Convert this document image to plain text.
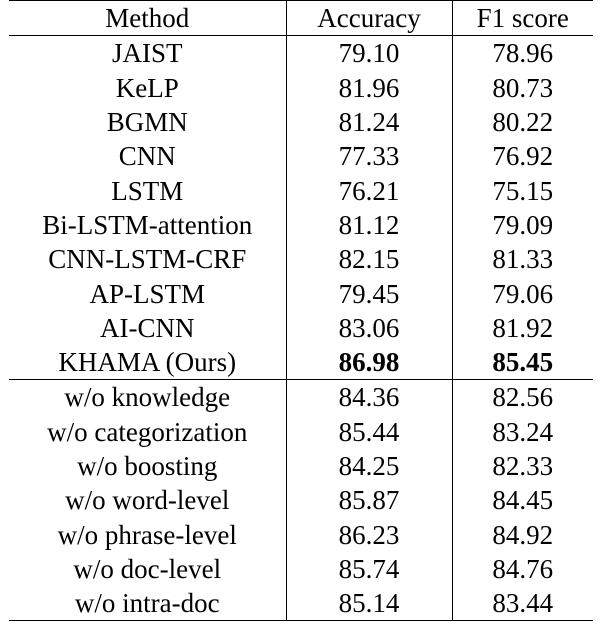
Method	Accuracy	F1 score
JAIST	79.10	78.96
KeLP	81.96	80.73
BGMN	81.24	80.22
CNN	77.33	76.92
LSTM	76.21	75.15
Bi-LSTM-attention	81.12	79.09
CNN-LSTM-CRF	82.15	81.33
AP-LSTM	79.45	79.06
AI-CNN	83.06	81.92
KHAMA (Ours)	86.98	85.45
w/o knowledge	84.36	82.56
w/o categorization	85.44	83.24
w/o boosting	84.25	82.33
w/o word-level	85.87	84.45
w/o phrase-level	86.23	84.92
w/o doc-level	85.74	84.76
w/o intra-doc	85.14	83.44
